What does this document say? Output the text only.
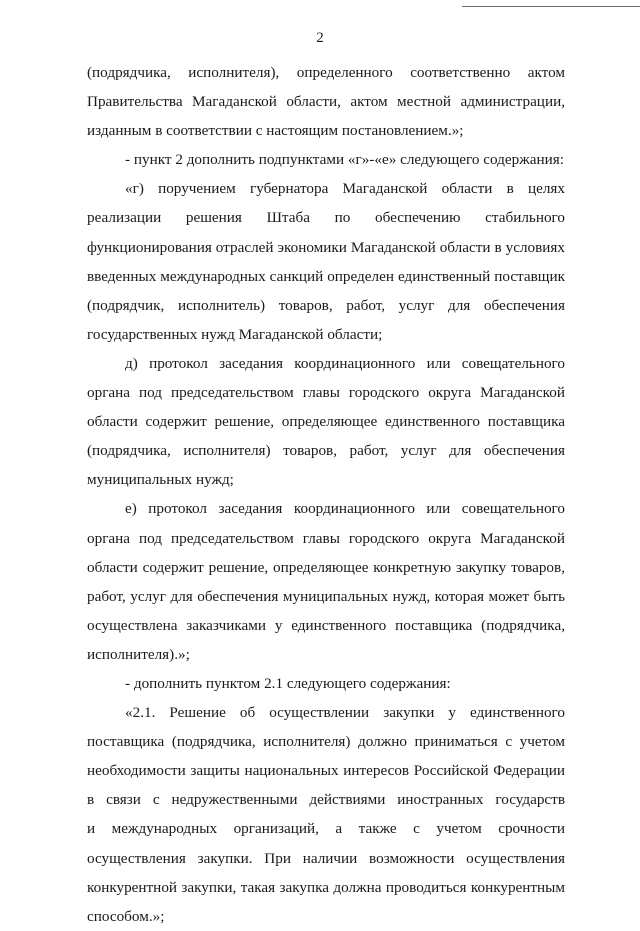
2
(подрядчика, исполнителя), определенного соответственно актом
Правительства Магаданской области, актом местной администрации,
изданным в соответствии с настоящим постановлением.»;
- пункт 2 дополнить подпунктами «г»-«е» следующего содержания:
«г) поручением губернатора Магаданской области в целях
реализации решения Штаба по обеспечению стабильного
функционирования отраслей экономики Магаданской области в условиях
введенных международных санкций определен единственный поставщик
(подрядчик, исполнитель) товаров, работ, услуг для обеспечения
государственных нужд Магаданской области;
д) протокол заседания координационного или совещательного
органа под председательством главы городского округа Магаданской
области содержит решение, определяющее единственного поставщика
(подрядчика, исполнителя) товаров, работ, услуг для обеспечения
муниципальных нужд;
е) протокол заседания координационного или совещательного
органа под председательством главы городского округа Магаданской
области содержит решение, определяющее конкретную закупку товаров,
работ, услуг для обеспечения муниципальных нужд, которая может быть
осуществлена заказчиками у единственного поставщика (подрядчика,
исполнителя).»;
- дополнить пунктом 2.1 следующего содержания:
«2.1. Решение об осуществлении закупки у единственного
поставщика (подрядчика, исполнителя) должно приниматься с учетом
необходимости защиты национальных интересов Российской Федерации
в связи с недружественными действиями иностранных государств
и международных организаций, а также с учетом срочности
осуществления закупки. При наличии возможности осуществления
конкурентной закупки, такая закупка должна проводиться конкурентным
способом.»;
